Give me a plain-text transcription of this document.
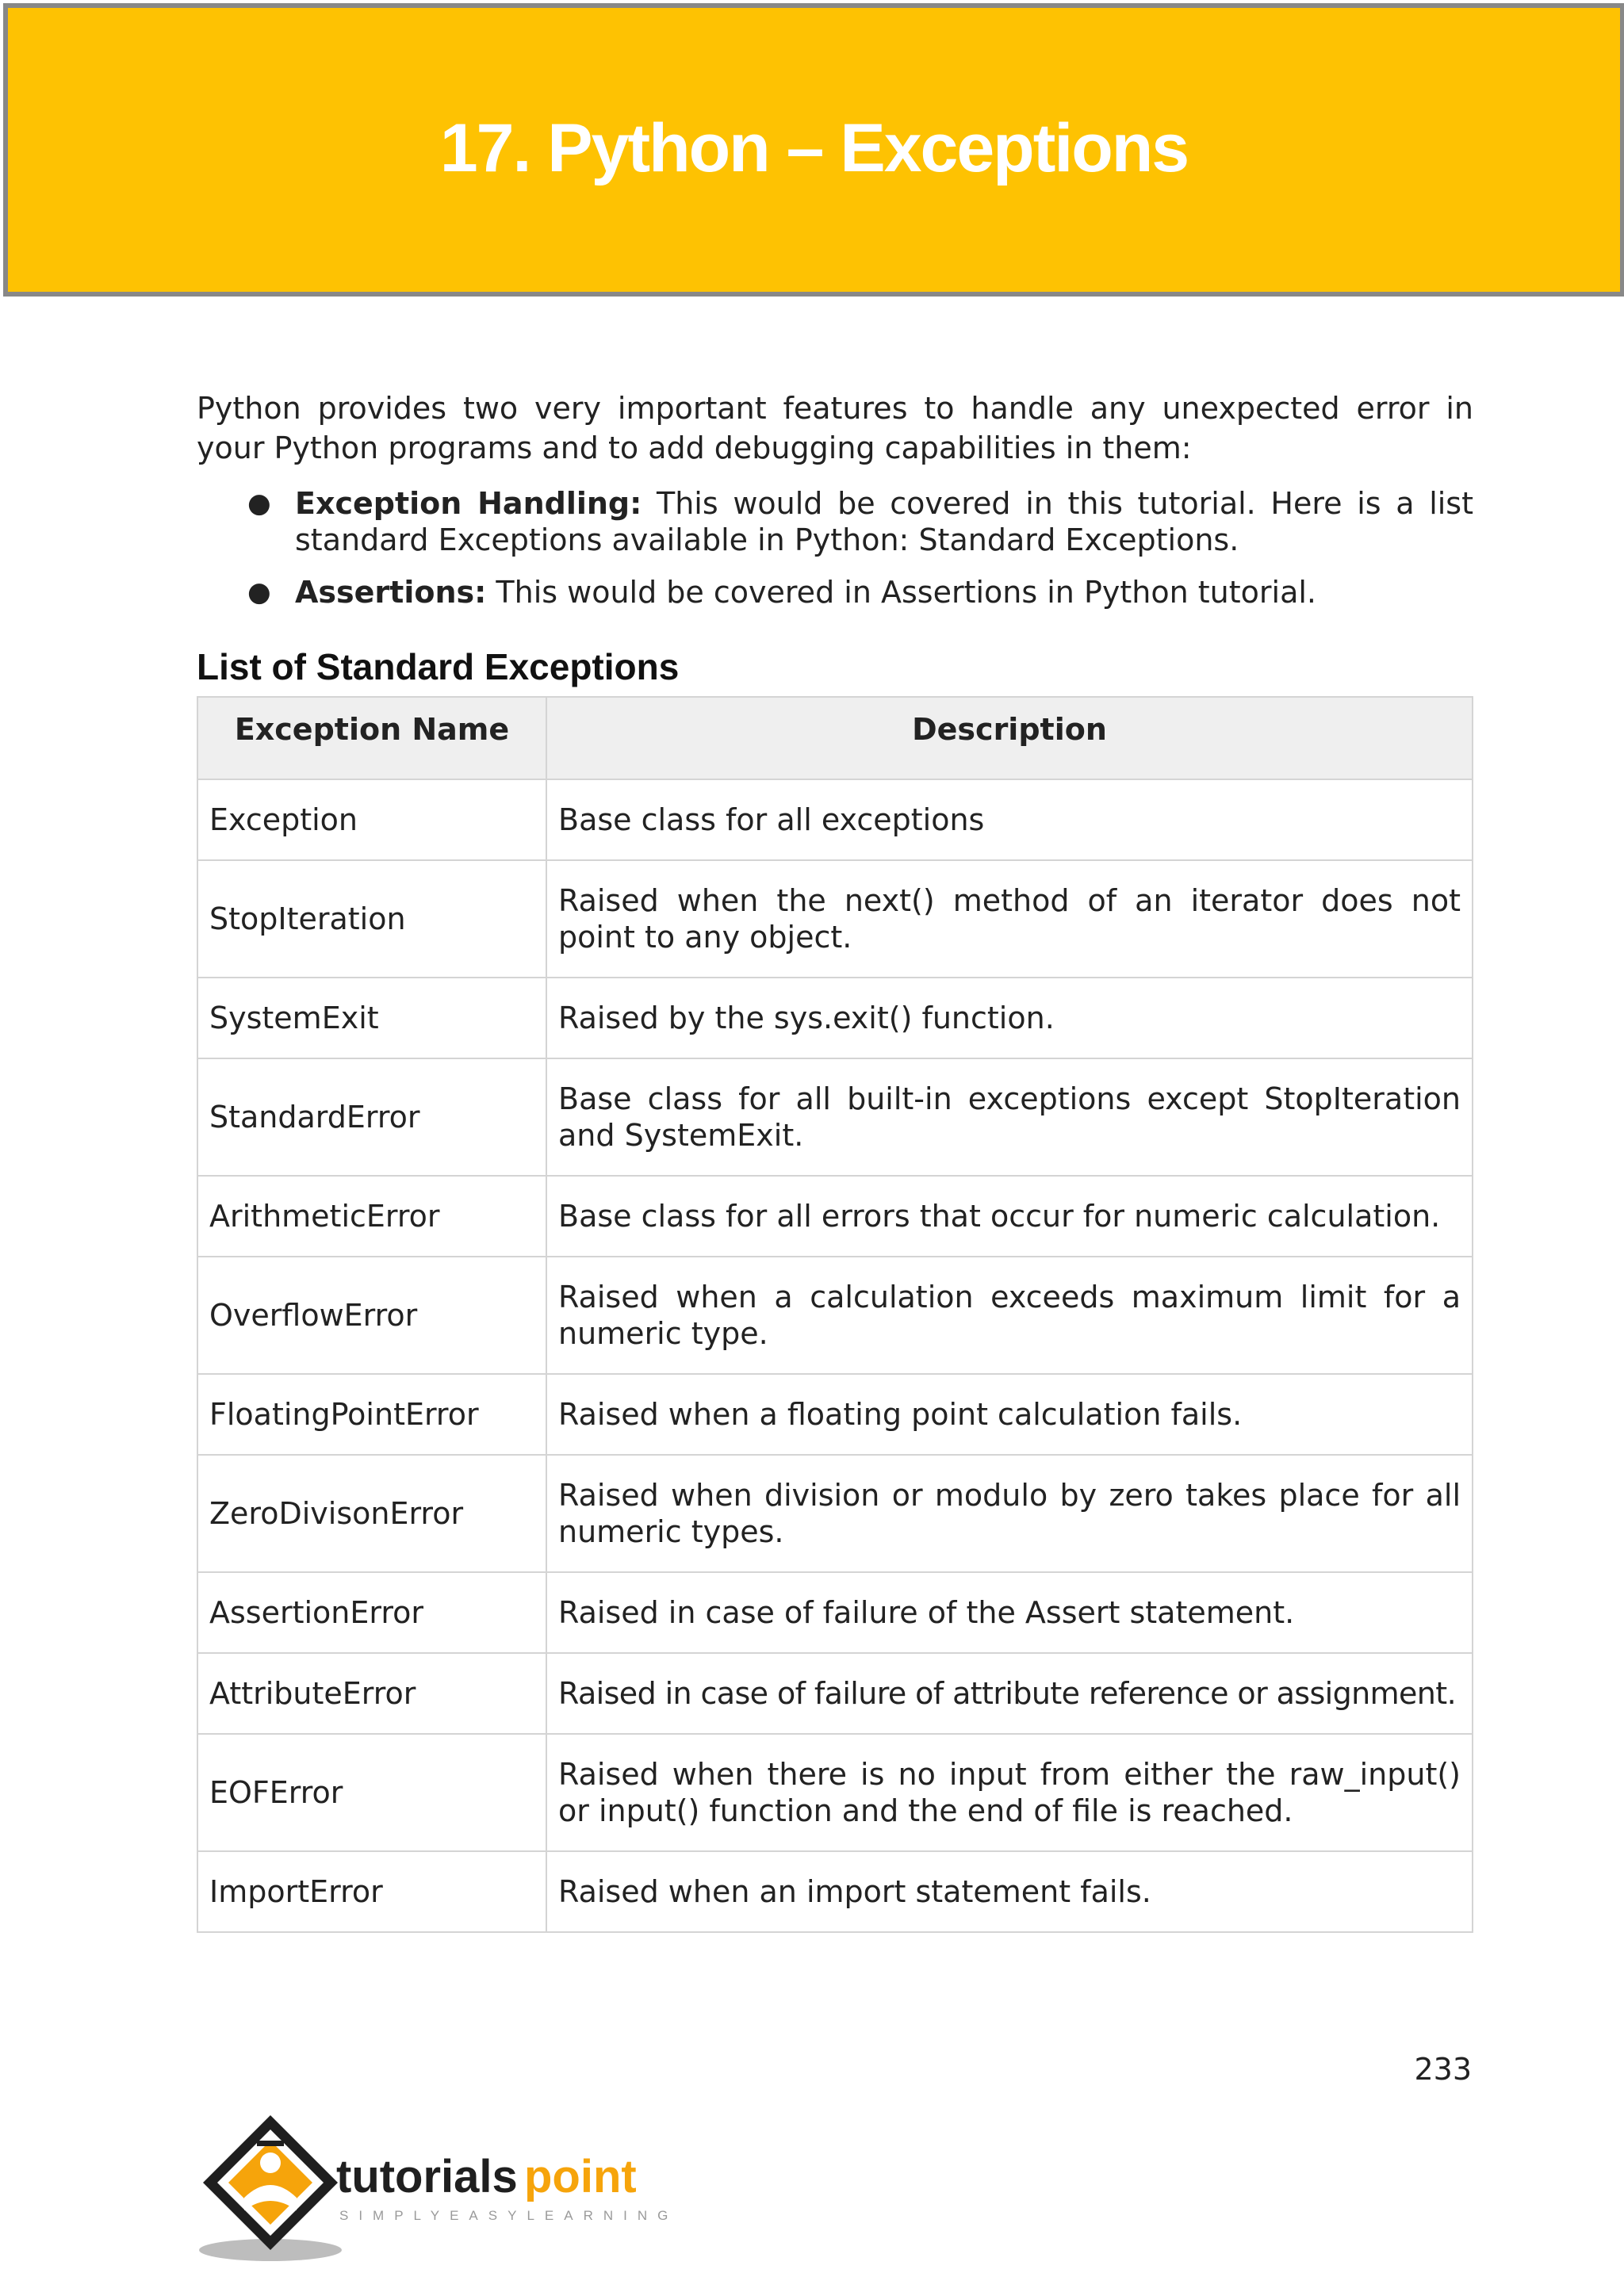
17. Python – Exceptions

Python provides two very important features to handle any unexpected error in your Python programs and to add debugging capabilities in them:

● Exception Handling: This would be covered in this tutorial. Here is a list standard Exceptions available in Python: Standard Exceptions.
● Assertions: This would be covered in Assertions in Python tutorial.
List of Standard Exceptions
Exception Name	Description
Exception	Base class for all exceptions
StopIteration	Raised when the next() method of an iterator does not point to any object.
SystemExit	Raised by the sys.exit() function.
StandardError	Base class for all built-in exceptions except StopIteration and SystemExit.
ArithmeticError	Base class for all errors that occur for numeric calculation.
OverflowError	Raised when a calculation exceeds maximum limit for a numeric type.
FloatingPointError	Raised when a floating point calculation fails.
ZeroDivisonError	Raised when division or modulo by zero takes place for all numeric types.
AssertionError	Raised in case of failure of the Assert statement.
AttributeError	Raised in case of failure of attribute reference or assignment.
EOFError	Raised when there is no input from either the raw_input() or input() function and the end of file is reached.
ImportError	Raised when an import statement fails.
233
tutorials point
SIMPLYEASYLEARNING
